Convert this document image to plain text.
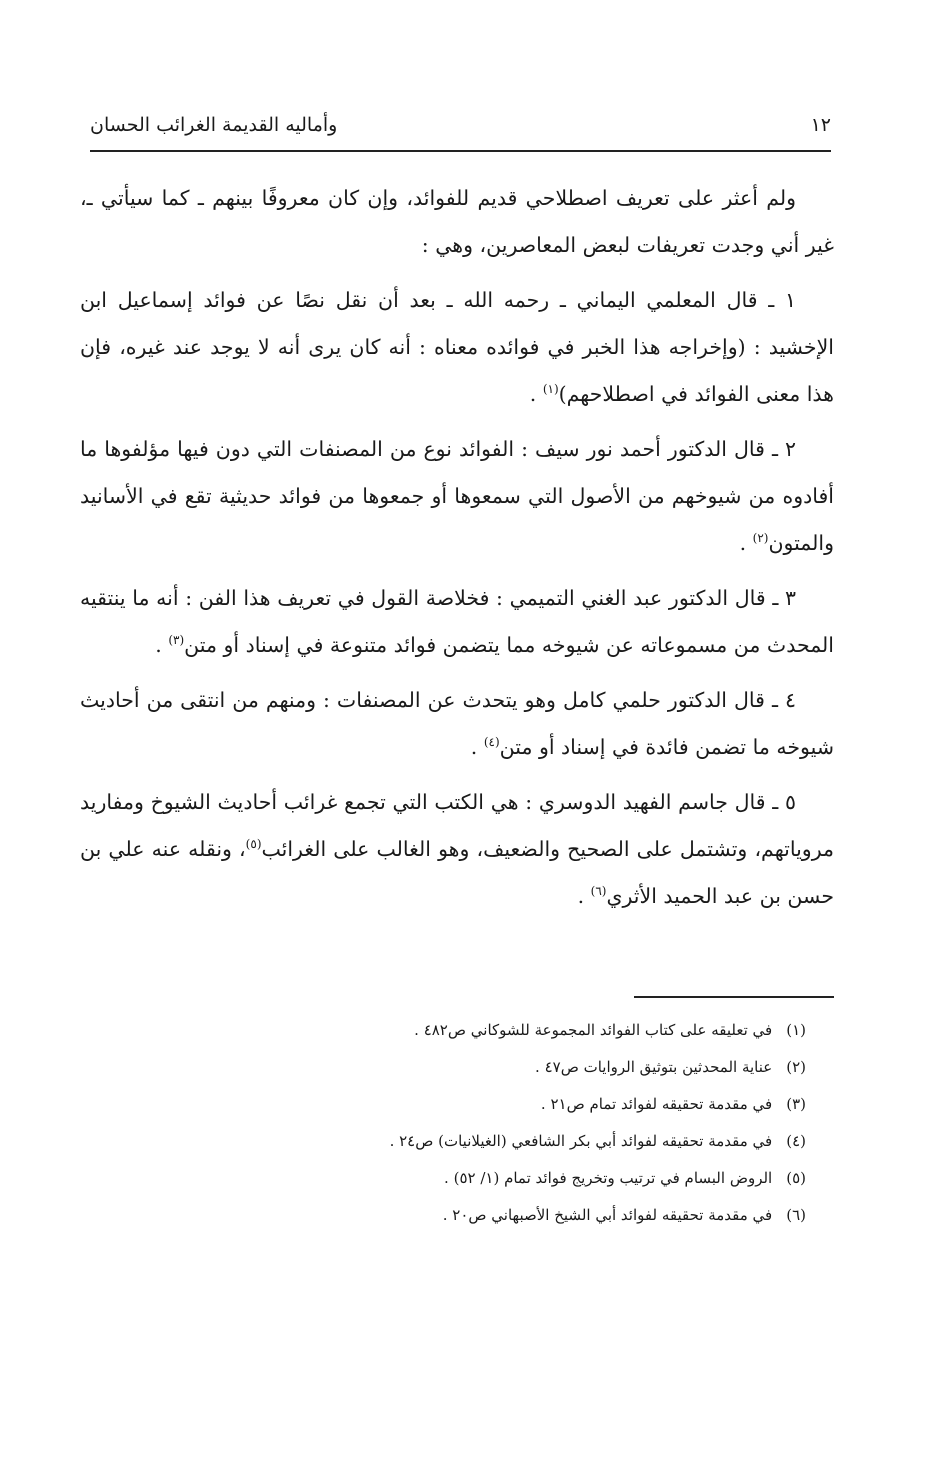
١٢
وأماليه القديمة الغرائب الحسان

ولم أعثر على تعريف اصطلاحي قديم للفوائد، وإن كان معروفًا بينهم ـ كما سيأتي ـ، غير أني وجدت تعريفات لبعض المعاصرين، وهي :

١ ـ قال المعلمي اليماني ـ رحمه الله ـ بعد أن نقل نصًا عن فوائد إسماعيل ابن الإخشيد : (وإخراجه هذا الخبر في فوائده معناه : أنه كان يرى أنه لا يوجد عند غيره، فإن هذا معنى الفوائد في اصطلاحهم)$^{(١)}$ .

٢ ـ قال الدكتور أحمد نور سيف : الفوائد نوع من المصنفات التي دون فيها مؤلفوها ما أفادوه من شيوخهم من الأصول التي سمعوها أو جمعوها من فوائد حديثية تقع في الأسانيد والمتون$^{(٢)}$ .

٣ ـ قال الدكتور عبد الغني التميمي : فخلاصة القول في تعريف هذا الفن : أنه ما ينتقيه المحدث من مسموعاته عن شيوخه مما يتضمن فوائد متنوعة في إسناد أو متن$^{(٣)}$ .

٤ ـ قال الدكتور حلمي كامل وهو يتحدث عن المصنفات : ومنهم من انتقى من أحاديث شيوخه ما تضمن فائدة في إسناد أو متن$^{(٤)}$ .

٥ ـ قال جاسم الفهيد الدوسري : هي الكتب التي تجمع غرائب أحاديث الشيوخ ومفاريد مروياتهم، وتشتمل على الصحيح والضعيف، وهو الغالب على الغرائب$^{(٥)}$، ونقله عنه علي بن حسن بن عبد الحميد الأثري$^{(٦)}$ .

(١)في تعليقه على كتاب الفوائد المجموعة للشوكاني ص٤٨٢ .
(٢)عناية المحدثين بتوثيق الروايات ص٤٧ .
(٣)في مقدمة تحقيقه لفوائد تمام ص٢١ .
(٤)في مقدمة تحقيقه لفوائد أبي بكر الشافعي (الغيلانيات) ص٢٤ .
(٥)الروض البسام في ترتيب وتخريج فوائد تمام (١/ ٥٢) .
(٦)في مقدمة تحقيقه لفوائد أبي الشيخ الأصبهاني ص٢٠ .
